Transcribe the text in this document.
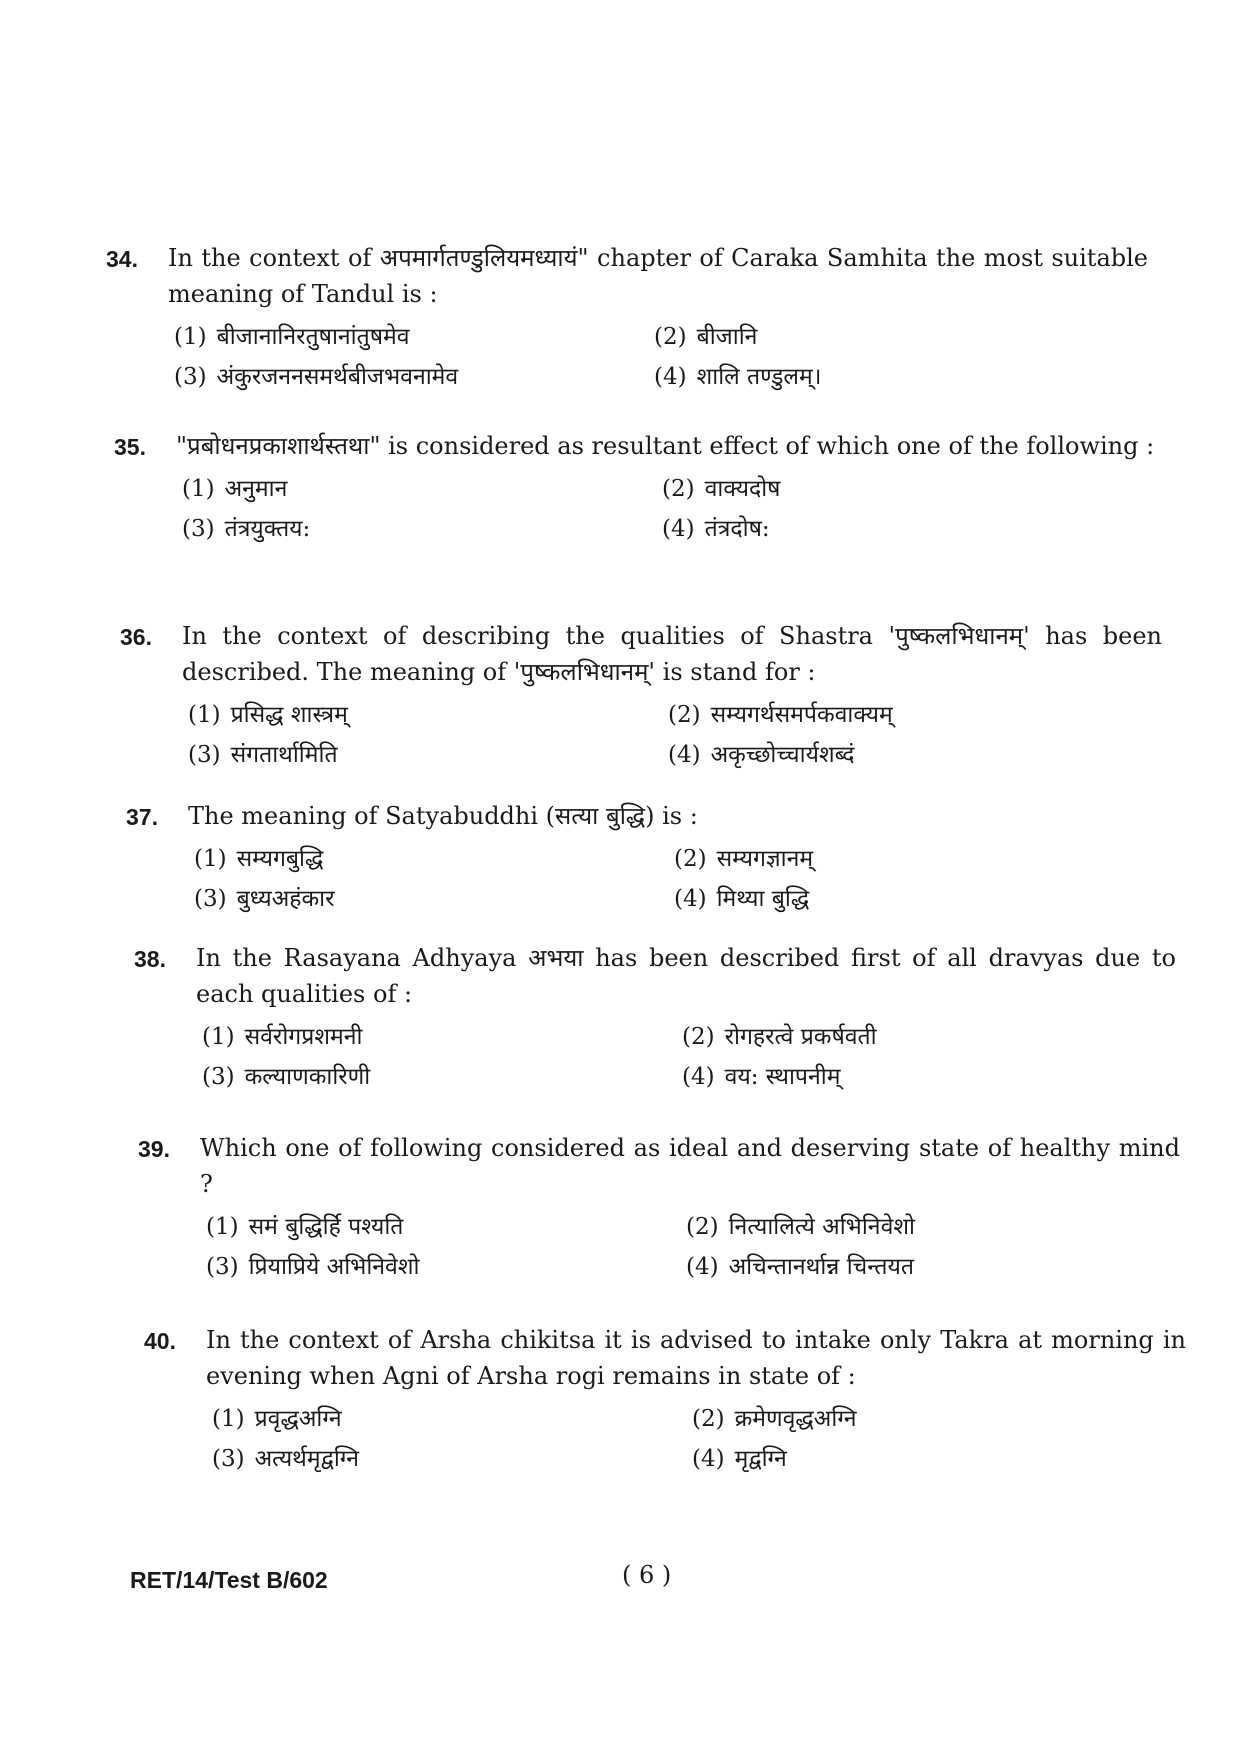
34. In the context of अपमार्गतण्डुलियमध्यायं" chapter of Caraka Samhita the most suitable meaning of Tandul is :

(1) बीजानानिरतुषानांतुषमेव	(2) बीजानि
(3) अंकुरजननसमर्थबीजभवनामेव	(4) शालि तण्डुलम्।
35. "प्रबोधनप्रकाशार्थस्तथा" is considered as resultant effect of which one of the following :

(1) अनुमान	(2) वाक्यदोष
(3) तंत्रयुक्तय:	(4) तंत्रदोष:
36. In the context of describing the qualities of Shastra 'पुष्कलभिधानम्' has been described. The meaning of 'पुष्कलभिधानम्' is stand for :

(1) प्रसिद्ध शास्त्रम्	(2) सम्यगर्थसमर्पकवाक्यम्
(3) संगतार्थामिति	(4) अकृच्छोच्चार्यशब्दं
37. The meaning of Satyabuddhi (सत्या बुद्धि) is :

(1) सम्यगबुद्धि	(2) सम्यगज्ञानम्
(3) बुध्यअहंकार	(4) मिथ्या बुद्धि
38. In the Rasayana Adhyaya अभया has been described first of all dravyas due to each qualities of :

(1) सर्वरोगप्रशमनी	(2) रोगहरत्वे प्रकर्षवती
(3) कल्याणकारिणी	(4) वय: स्थापनीम्
39. Which one of following considered as ideal and deserving state of healthy mind ?

(1) समं बुद्धिर्हि पश्यति	(2) नित्यालित्ये अभिनिवेशो
(3) प्रियाप्रिये अभिनिवेशो	(4) अचिन्तानर्थान्न चिन्तयत
40. In the context of Arsha chikitsa it is advised to intake only Takra at morning in evening when Agni of Arsha rogi remains in state of :

(1) प्रवृद्धअग्नि	(2) क्रमेणवृद्धअग्नि
(3) अत्यर्थमृद्वग्नि	(4) मृद्वग्नि
RET/14/Test B/602	( 6 )
